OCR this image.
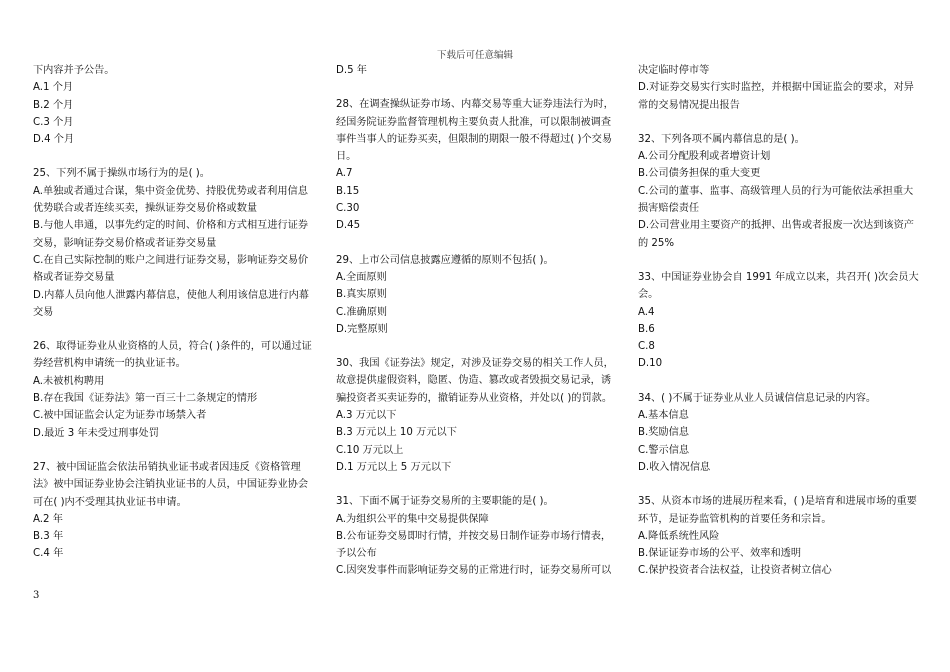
下载后可任意编辑
下内容并予公告。
A.1 个月
B.2 个月
C.3 个月
D.4 个月
25、下列不属于操纵市场行为的是( )。
A.单独或者通过合谋，集中资金优势、持股优势或者利用信息
优势联合或者连续买卖，操纵证券交易价格或数量
B.与他人串通，以事先约定的时间、价格和方式相互进行证券
交易，影响证券交易价格或者证券交易量
C.在自己实际控制的账户之间进行证券交易，影响证券交易价
格或者证券交易量
D.内幕人员向他人泄露内幕信息，使他人利用该信息进行内幕
交易
26、取得证券业从业资格的人员，符合( )条件的，可以通过证
券经营机构申请统一的执业证书。
A.未被机构聘用
B.存在我国《证券法》第一百三十二条规定的情形
C.被中国证监会认定为证券市场禁入者
D.最近 3 年未受过刑事处罚
27、被中国证监会依法吊销执业证书或者因违反《资格管理
法》被中国证券业协会注销执业证书的人员，中国证券业协会
可在( )内不受理其执业证书申请。
A.2 年
B.3 年
C.4 年
D.5 年
28、在调查操纵证券市场、内幕交易等重大证券违法行为时，
经国务院证券监督管理机构主要负责人批准，可以限制被调查
事件当事人的证券买卖，但限制的期限一般不得超过( )个交易
日。
A.7
B.15
C.30
D.45
29、上市公司信息披露应遵循的原则不包括( )。
A.全面原则
B.真实原则
C.准确原则
D.完整原则
30、我国《证券法》规定，对涉及证券交易的相关工作人员，
故意提供虚假资料，隐匿、伪造、篡改或者毁损交易记录，诱
骗投资者买卖证券的，撤销证券从业资格，并处以( )的罚款。
A.3 万元以下
B.3 万元以上 10 万元以下
C.10 万元以上
D.1 万元以上 5 万元以下
31、下面不属于证券交易所的主要职能的是( )。
A.为组织公平的集中交易提供保障
B.公布证券交易即时行情，并按交易日制作证券市场行情表，
予以公布
C.因突发事件而影响证券交易的正常进行时，证券交易所可以
决定临时停市等
D.对证券交易实行实时监控，并根据中国证监会的要求，对异
常的交易情况提出报告
32、下列各项不属内幕信息的是( )。
A.公司分配股利或者增资计划
B.公司债务担保的重大变更
C.公司的董事、监事、高级管理人员的行为可能依法承担重大
损害赔偿责任
D.公司营业用主要资产的抵押、出售或者报废一次达到该资产
的 25%
33、中国证券业协会自 1991 年成立以来，共召开( )次会员大
会。
A.4
B.6
C.8
D.10
34、( )不属于证券业从业人员诚信信息记录的内容。
A.基本信息
B.奖励信息
C.警示信息
D.收入情况信息
35、从资本市场的进展历程来看，( )是培育和进展市场的重要
环节，是证券监管机构的首要任务和宗旨。
A.降低系统性风险
B.保证证券市场的公平、效率和透明
C.保护投资者合法权益，让投资者树立信心
3
